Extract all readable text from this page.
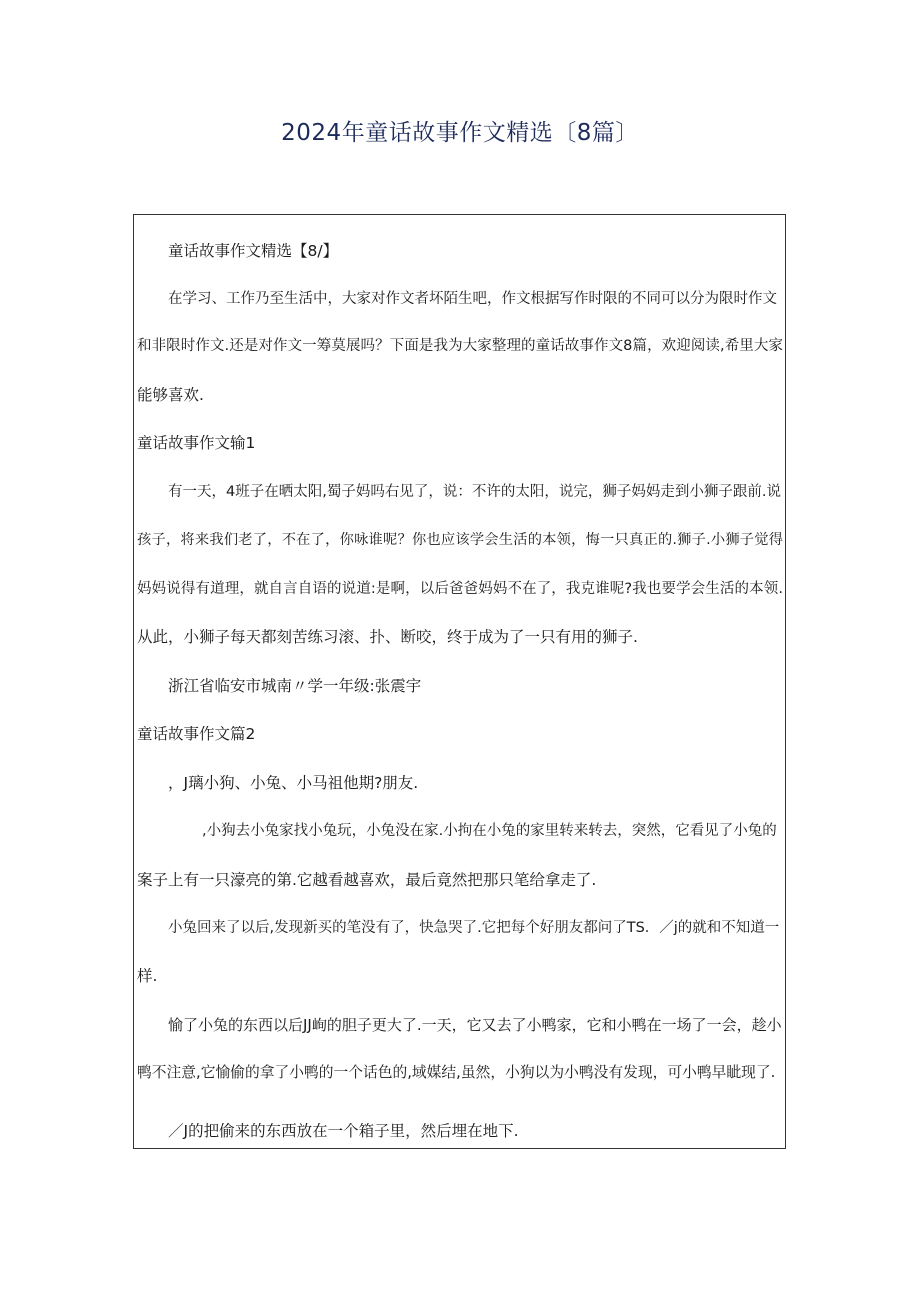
2024年童话故事作文精选〔8篇〕
童话故事作文精选【8/】
在学习、工作乃至生活中，大家对作文者坏陌生吧，作文根据写作时限的不同可以分为限时作文
和非限时作文.还是对作文一筹莫展吗？下面是我为大家整理的童话故事作文8篇，欢迎阅读,希里大家
能够喜欢.
童话故事作文输1
有一天，4班子在晒太阳,蜀子妈吗右见了，说：不许的太阳，说完，狮子妈妈走到小狮子跟前.说
孩子，将来我们老了，不在了，你咏谁呢？你也应该学会生活的本领，悔一只真正的.狮子.小狮子觉得
妈妈说得有道理，就自言自语的说道:是啊，以后爸爸妈妈不在了，我克谁呢?我也要学会生活的本领.
从此，小狮子每天都刻苦练习滚、扑、断咬，终于成为了一只有用的狮子.
浙江省临安市城南〃学一年级:张震宇
童话故事作文篇2
，J璃小狗、小兔、小马祖他期?朋友.
,小狗去小兔家找小兔玩，小兔没在家.小拘在小兔的家里转来转去，突然，它看见了小兔的
案子上有一只濠亮的第.它越看越喜欢，最后竟然把那只笔给拿走了.
小兔回来了以后,发现新买的笔没有了，快急哭了.它把每个好朋友都问了TS．／j的就和不知道一
样.
愉了小兔的东西以后JJ峋的胆子更大了.一天，它又去了小鸭家，它和小鸭在一场了一会，趁小
鸭不注意,它愉偷的拿了小鸭的一个话色的,域媒结,虽然，小狗以为小鸭没有发现，可小鸭早眦现了.
／J的把偷来的东西放在一个箱子里，然后埋在地下.
